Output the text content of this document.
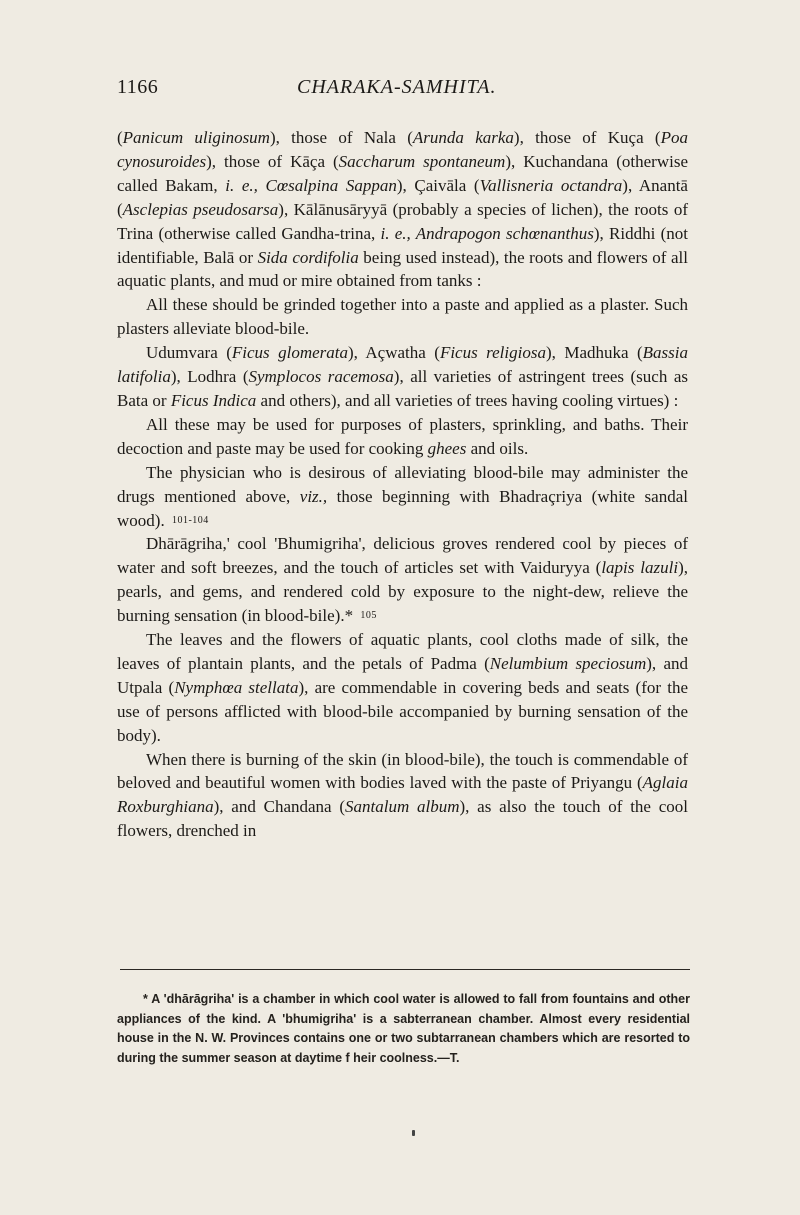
1166	CHARAKA-SAMHITA.

(Panicum uliginosum), those of Nala (Arunda karka), those of Kuça (Poa cynosuroides), those of Kāça (Saccharum spontaneum), Kuchandana (otherwise called Bakam, i. e., Cœsalpina Sappan), Çaivāla (Vallisneria octandra), Anantā (Asclepias pseudosarsa), Kālānusāryyā (probably a species of lichen), the roots of Trina (otherwise called Gandha-trina, i. e., Andrapogon schœnanthus), Riddhi (not identifiable, Balā or Sida cordifolia being used instead), the roots and flowers of all aquatic plants, and mud or mire obtained from tanks :

All these should be grinded together into a paste and applied as a plaster. Such plasters alleviate blood-bile.

Udumvara (Ficus glomerata), Açwatha (Ficus religiosa), Madhuka (Bassia latifolia), Lodhra (Symplocos racemosa), all varieties of astringent trees (such as Bata or Ficus Indica and others), and all varieties of trees having cooling virtues) :

All these may be used for purposes of plasters, sprinkling, and baths. Their decoction and paste may be used for cooking ghees and oils.

The physician who is desirous of alleviating blood-bile may administer the drugs mentioned above, viz., those beginning with Bhadraçriya (white sandal wood). 101-104

Dhārāgriha,' cool 'Bhumigriha', delicious groves rendered cool by pieces of water and soft breezes, and the touch of articles set with Vaiduryya (lapis lazuli), pearls, and gems, and rendered cold by exposure to the night-dew, relieve the burning sensation (in blood-bile).* 105

The leaves and the flowers of aquatic plants, cool cloths made of silk, the leaves of plantain plants, and the petals of Padma (Nelumbium speciosum), and Utpala (Nymphœa stellata), are commendable in covering beds and seats (for the use of persons afflicted with blood-bile accompanied by burning sensation of the body).

When there is burning of the skin (in blood-bile), the touch is commendable of beloved and beautiful women with bodies laved with the paste of Priyangu (Aglaia Roxburghiana), and Chandana (Santalum album), as also the touch of the cool flowers, drenched in

* A 'dhārāgriha' is a chamber in which cool water is allowed to fall from fountains and other appliances of the kind. A 'bhumigriha' is a sabterranean chamber. Almost every residential house in the N. W. Provinces contains one or two subtarranean chambers which are resorted to during the summer season at daytime f heir coolness.—T.
